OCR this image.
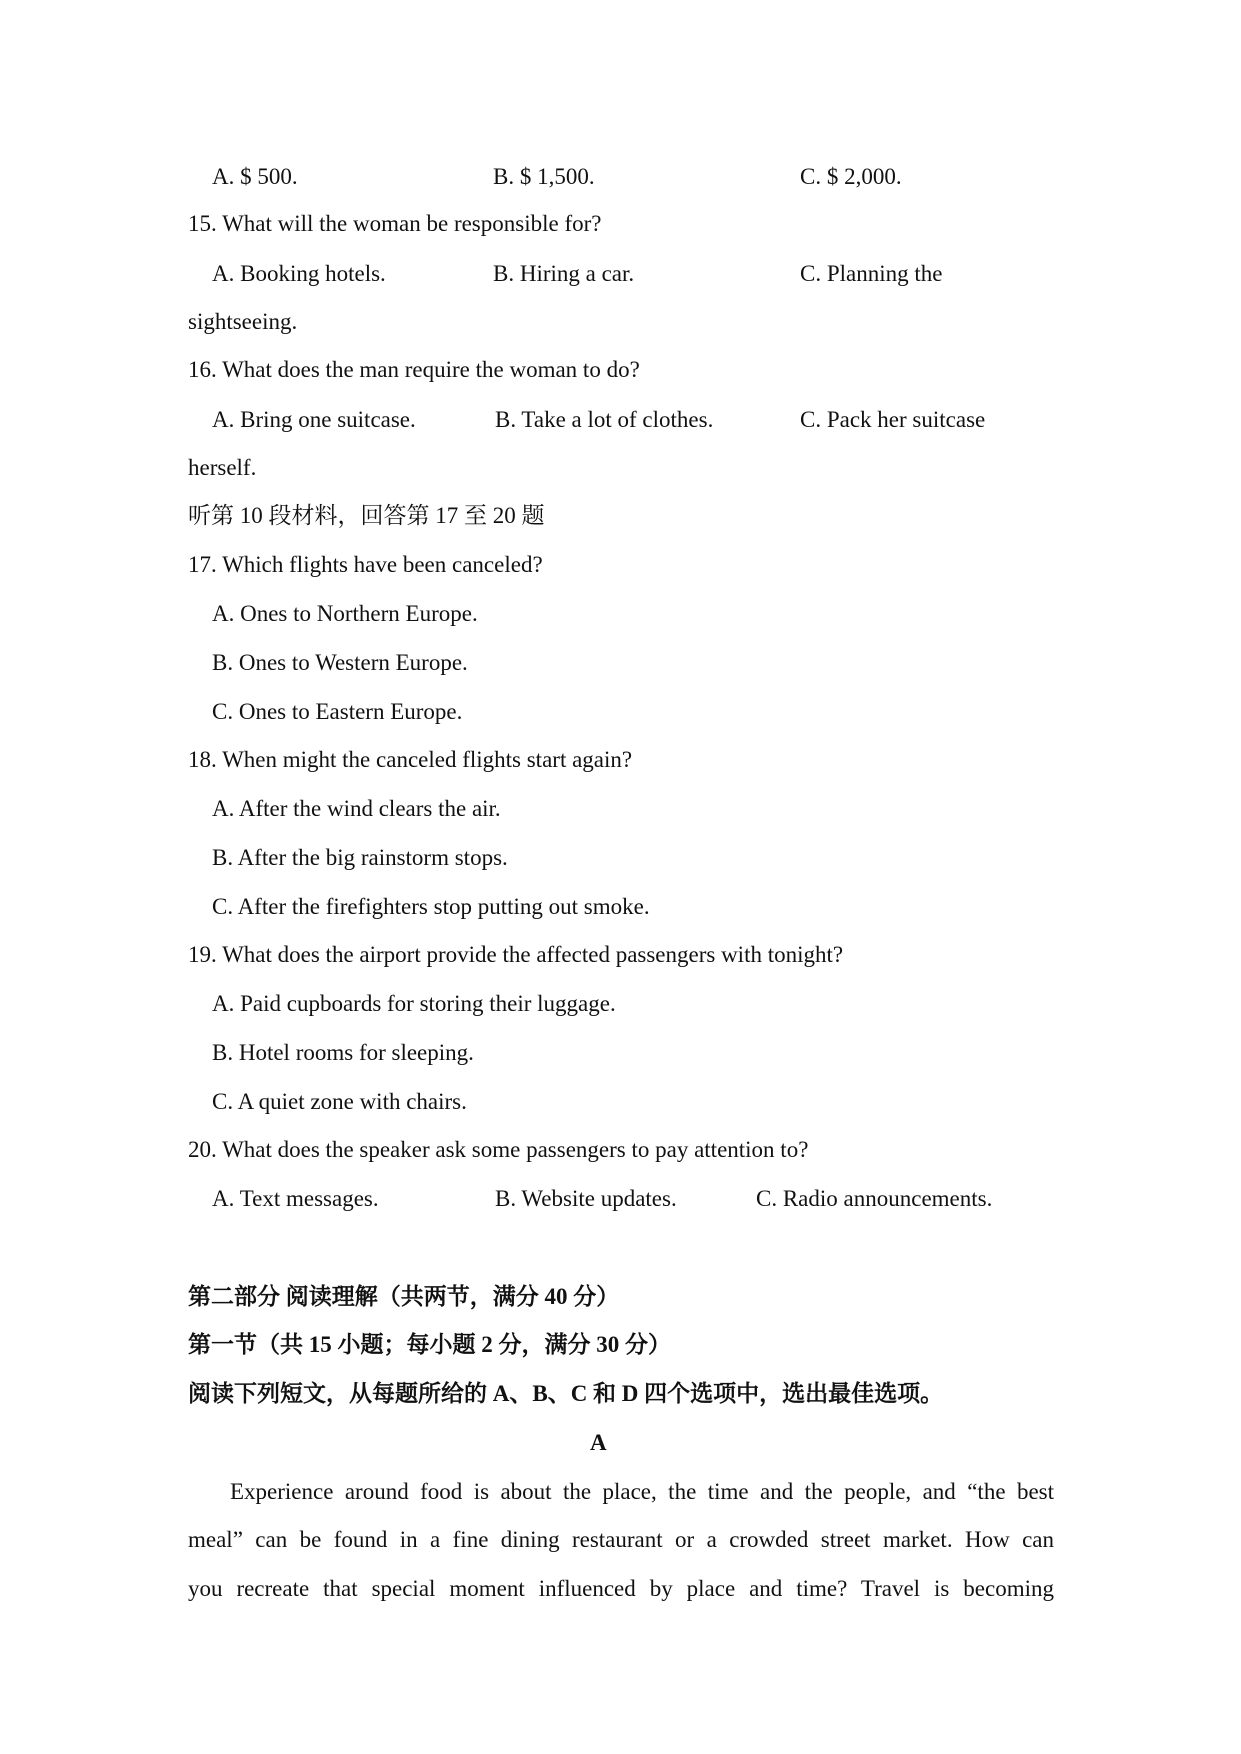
A. $ 500.	B. $ 1,500.	C. $ 2,000.
15. What will the woman be responsible for?
A. Booking hotels.	B. Hiring a car.	C. Planning the
sightseeing.
16. What does the man require the woman to do?
A. Bring one suitcase.	B. Take a lot of clothes.	C. Pack her suitcase
herself.
听第 10 段材料，回答第 17 至 20 题
17. Which flights have been canceled?
A. Ones to Northern Europe.
B. Ones to Western Europe.
C. Ones to Eastern Europe.
18. When might the canceled flights start again?
A. After the wind clears the air.
B. After the big rainstorm stops.
C. After the firefighters stop putting out smoke.
19. What does the airport provide the affected passengers with tonight?
A. Paid cupboards for storing their luggage.
B. Hotel rooms for sleeping.
C. A quiet zone with chairs.
20. What does the speaker ask some passengers to pay attention to?
A. Text messages.	B. Website updates.	C. Radio announcements.
第二部分 阅读理解（共两节，满分 40 分）
第一节（共 15 小题；每小题 2 分，满分 30 分）
阅读下列短文，从每题所给的 A、B、C 和 D 四个选项中，选出最佳选项。
A
Experience around food is about the place, the time and the people, and “the best
meal” can be found in a fine dining restaurant or a crowded street market. How can
you recreate that special moment influenced by place and time? Travel is becoming
